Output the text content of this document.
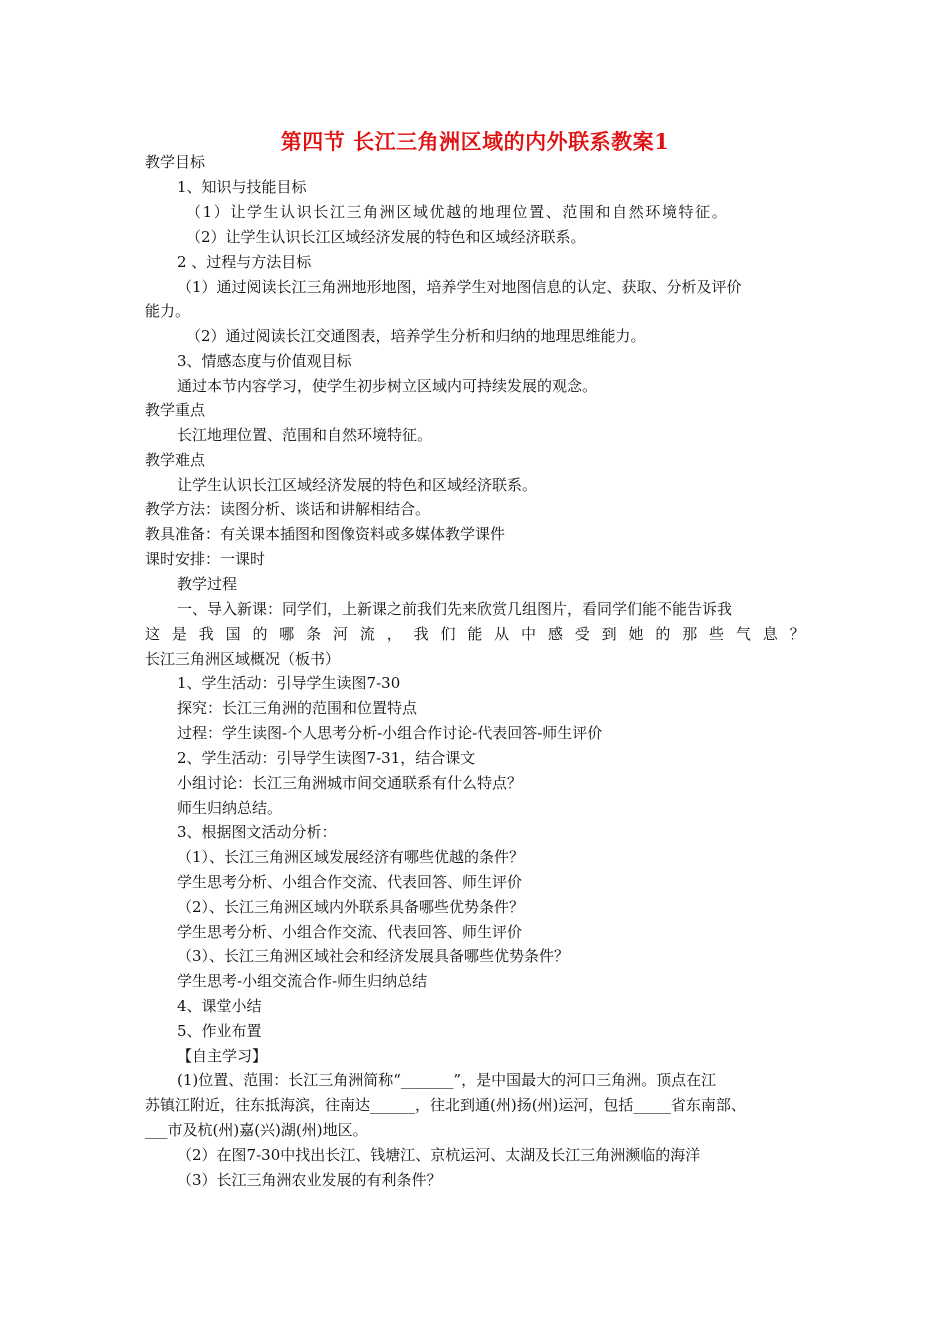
第四节 长江三角洲区域的内外联系教案1
教学目标
1、知识与技能目标
（1）让学生认识长江三角洲区域优越的地理位置、范围和自然环境特征。
（2）让学生认识长江区域经济发展的特色和区域经济联系。
2 、过程与方法目标
（1）通过阅读长江三角洲地形地图，培养学生对地图信息的认定、获取、分析及评价
能力。
（2）通过阅读长江交通图表，培养学生分析和归纳的地理思维能力。
3、情感态度与价值观目标
通过本节内容学习，使学生初步树立区域内可持续发展的观念。
教学重点
长江地理位置、范围和自然环境特征。
教学难点
让学生认识长江区域经济发展的特色和区域经济联系。
教学方法：读图分析、谈话和讲解相结合。
教具准备：有关课本插图和图像资料或多媒体教学课件
课时安排：一课时
教学过程
一、导入新课：同学们，上新课之前我们先来欣赏几组图片，看同学们能不能告诉我
这 是 我 国 的 哪 条 河 流 ， 我 们 能 从 中 感 受 到 她 的 那 些 气 息 ？
长江三角洲区域概况（板书）
1、学生活动：引导学生读图7-30
探究：长江三角洲的范围和位置特点
过程：学生读图-个人思考分析-小组合作讨论-代表回答-师生评价
2、学生活动：引导学生读图7-31，结合课文
小组讨论：长江三角洲城市间交通联系有什么特点？
师生归纳总结。
3、根据图文活动分析：
（1）、长江三角洲区域发展经济有哪些优越的条件？
学生思考分析、小组合作交流、代表回答、师生评价
（2）、长江三角洲区域内外联系具备哪些优势条件？
学生思考分析、小组合作交流、代表回答、师生评价
（3）、长江三角洲区域社会和经济发展具备哪些优势条件？
学生思考-小组交流合作-师生归纳总结
4、课堂小结
5、作业布置
【自主学习】
(1)位置、范围：长江三角洲简称“_______”，是中国最大的河口三角洲。顶点在江
苏镇江附近，往东抵海滨，往南达______，往北到通(州)扬(州)运河，包括_____省东南部、
___市及杭(州)嘉(兴)湖(州)地区。
（2）在图7-30中找出长江、钱塘江、京杭运河、太湖及长江三角洲濒临的海洋
（3）长江三角洲农业发展的有利条件？
